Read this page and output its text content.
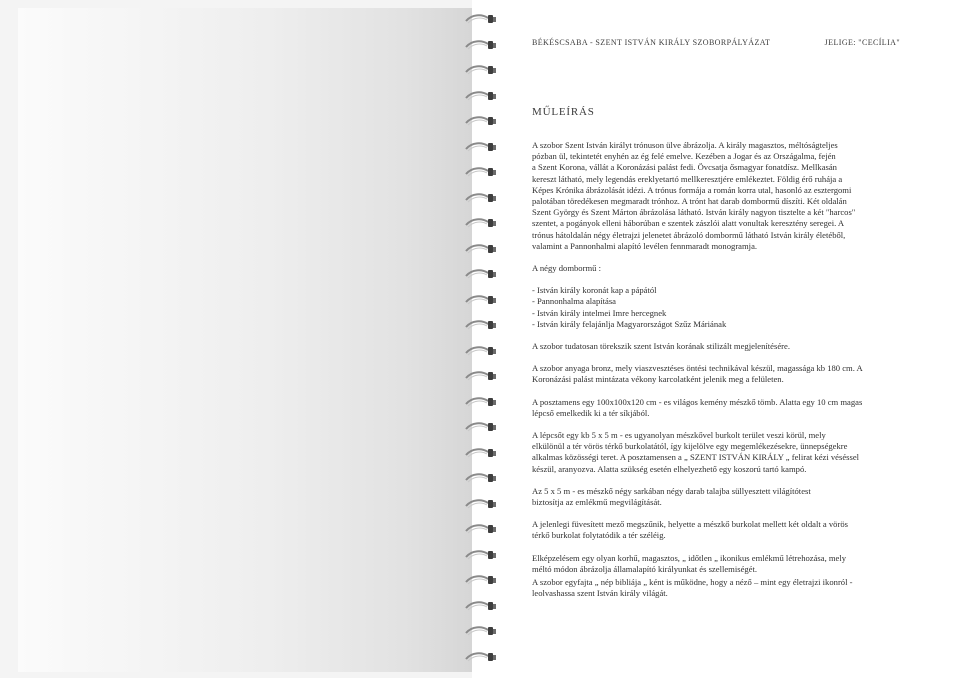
BÉKÉSCSABA - SZENT ISTVÁN KIRÁLY SZOBORPÁLYÁZAT	JELIGE: "CECÍLIA"
MŰLEÍRÁS

A szobor Szent István királyt trónuson ülve ábrázolja. A király magasztos, méltóságteljes

pózban ül, tekintetét enyhén az ég felé emelve. Kezében a Jogar és az Országalma, fején

a Szent Korona, vállát a Koronázási palást fedi. Övcsatja ősmagyar fonatdísz. Mellkasán

kereszt látható, mely legendás ereklyetartó mellkeresztjére emlékeztet. Földig érő ruhája a

Képes Krónika ábrázolását idézi. A trónus formája a román korra utal, hasonló az esztergomi

palotában töredékesen megmaradt trónhoz. A trónt hat darab dombormű díszíti. Két oldalán

Szent György és Szent Márton ábrázolása látható. István király nagyon tisztelte a két "harcos"

szentet, a pogányok elleni háborúban e szentek zászlói alatt vonultak keresztény seregei. A

trónus hátoldalán négy életrajzi jelenetet ábrázoló dombormű látható István király életéből,

valamint a Pannonhalmi alapító levélen fennmaradt monogramja.

A négy dombormű :

- István király koronát kap a pápától

- Pannonhalma alapítása

- István király intelmei Imre hercegnek

- István király felajánlja Magyarországot Szűz Máriának

A szobor tudatosan törekszik szent István korának stilizált megjelenítésére.

A szobor anyaga bronz, mely viaszvesztéses öntési technikával készül, magassága kb 180 cm. A

Koronázási palást mintázata vékony karcolatként jelenik meg a felületen.

A posztamens egy 100x100x120 cm - es világos kemény mészkő tömb. Alatta egy 10 cm magas

lépcső emelkedik ki a tér síkjából.

A lépcsőt egy kb 5 x 5 m - es ugyanolyan mészkővel burkolt terület veszi körül, mely

elkülönül a tér vörös térkő burkolatától, így kijelölve egy megemlékezésekre, ünnepségekre

alkalmas közösségi teret. A posztamensen a „ SZENT ISTVÁN KIRÁLY „ felirat kézi véséssel

készül, aranyozva. Alatta szükség esetén elhelyezhető egy koszorú tartó kampó.

Az 5 x 5 m - es mészkő négy sarkában négy darab talajba süllyesztett világítótest

biztosítja az emlékmű megvilágítását.

A jelenlegi füvesített mező megszűnik, helyette a mészkő burkolat mellett két oldalt a vörös

térkő burkolat folytatódik a tér széléig.

Elképzelésem egy olyan korhű, magasztos, „ időtlen „ ikonikus emlékmű létrehozása, mely

méltó módon ábrázolja államalapító királyunkat és szellemiségét.

A szobor egyfajta „ nép bibliája „ ként is működne, hogy a néző – mint egy életrajzi ikonról -

leolvashassa szent István király világát.
